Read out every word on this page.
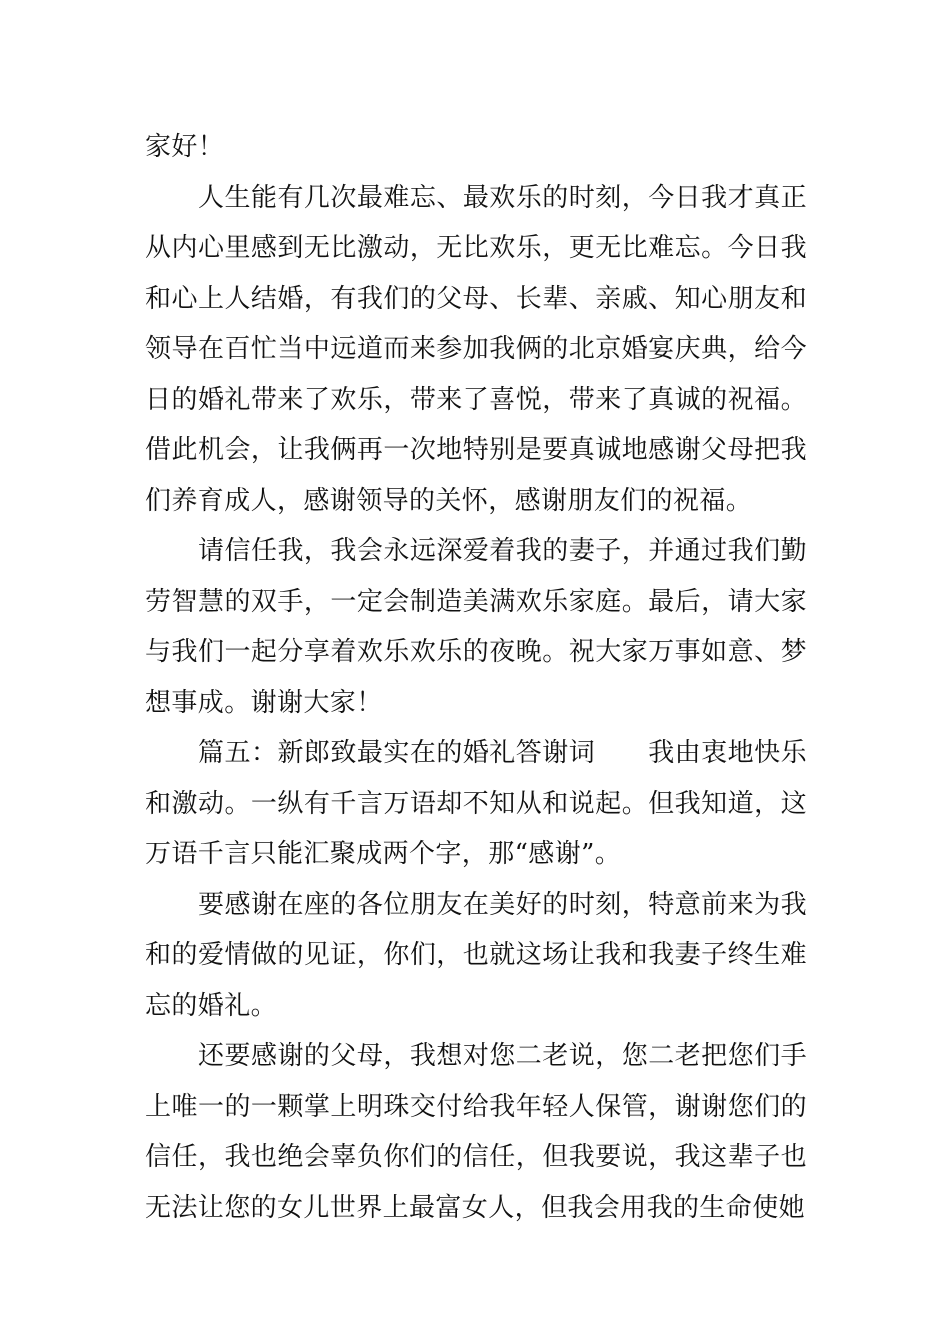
家好！

人生能有几次最难忘、最欢乐的时刻，今日我才真正从内心里感到无比激动，无比欢乐，更无比难忘。今日我和心上人结婚，有我们的父母、长辈、亲戚、知心朋友和领导在百忙当中远道而来参加我俩的北京婚宴庆典，给今日的婚礼带来了欢乐，带来了喜悦，带来了真诚的祝福。借此机会，让我俩再一次地特别是要真诚地感谢父母把我们养育成人，感谢领导的关怀，感谢朋友们的祝福。

请信任我，我会永远深爱着我的妻子，并通过我们勤劳智慧的双手，一定会制造美满欢乐家庭。最后，请大家与我们一起分享着欢乐欢乐的夜晚。祝大家万事如意、梦想事成。谢谢大家！

篇五：新郎致最实在的婚礼答谢词　　我由衷地快乐和激动。一纵有千言万语却不知从和说起。但我知道，这万语千言只能汇聚成两个字，那“感谢”。

要感谢在座的各位朋友在美好的时刻，特意前来为我和的爱情做的见证，你们，也就这场让我和我妻子终生难忘的婚礼。

还要感谢的父母，我想对您二老说，您二老把您们手上唯一的一颗掌上明珠交付给我年轻人保管，谢谢您们的信任，我也绝会辜负你们的信任，但我要说，我这辈子也无法让您的女儿世界上最富女人，但我会用我的生命使她
